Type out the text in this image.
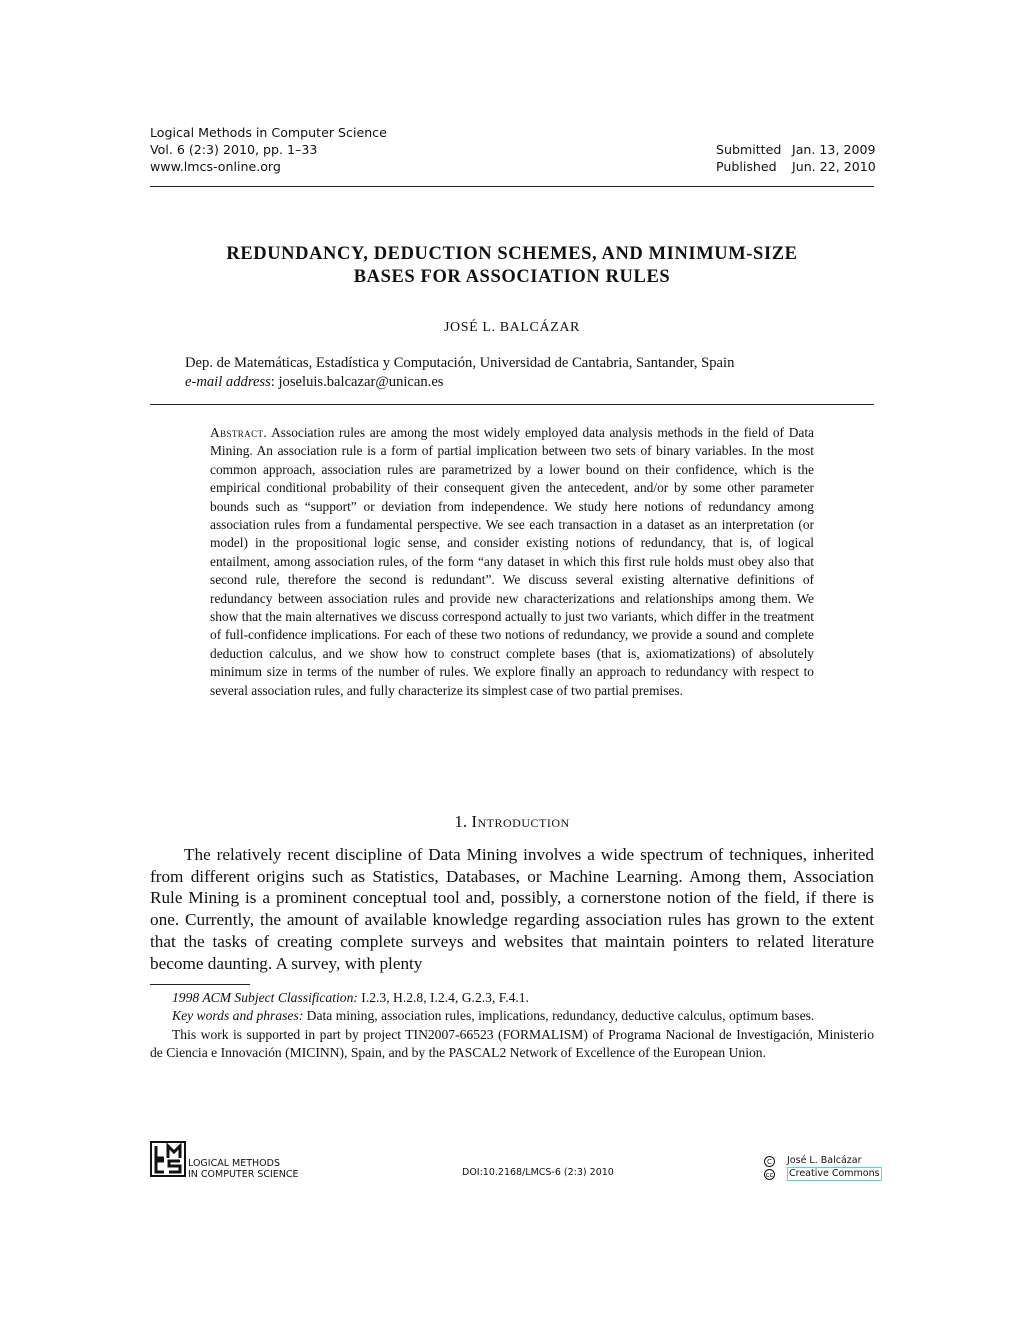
Logical Methods in Computer Science
Vol. 6 (2:3) 2010, pp. 1–33
www.lmcs-online.org
Submitted Jan. 13, 2009
Published	Jun. 22, 2010
REDUNDANCY, DEDUCTION SCHEMES, AND MINIMUM-SIZE
BASES FOR ASSOCIATION RULES
JOSÉ L. BALCÁZAR
Dep. de Matemáticas, Estadística y Computación, Universidad de Cantabria, Santander, Spain
e-mail address: joseluis.balcazar@unican.es
Abstract. Association rules are among the most widely employed data analysis methods in the field of Data Mining. An association rule is a form of partial implication between two sets of binary variables. In the most common approach, association rules are parametrized by a lower bound on their confidence, which is the empirical conditional probability of their consequent given the antecedent, and/or by some other parameter bounds such as “support” or deviation from independence. We study here notions of redundancy among association rules from a fundamental perspective. We see each transaction in a dataset as an interpretation (or model) in the propositional logic sense, and consider existing notions of redundancy, that is, of logical entailment, among association rules, of the form “any dataset in which this first rule holds must obey also that second rule, therefore the second is redundant”. We discuss several existing alternative definitions of redundancy between association rules and provide new characterizations and relationships among them. We show that the main alternatives we discuss correspond actually to just two variants, which differ in the treatment of full-confidence implications. For each of these two notions of redundancy, we provide a sound and complete deduction calculus, and we show how to construct complete bases (that is, axiomatizations) of absolutely minimum size in terms of the number of rules. We explore finally an approach to redundancy with respect to several association rules, and fully characterize its simplest case of two partial premises.
1. Introduction
The relatively recent discipline of Data Mining involves a wide spectrum of techniques, inherited from different origins such as Statistics, Databases, or Machine Learning. Among them, Association Rule Mining is a prominent conceptual tool and, possibly, a cornerstone notion of the field, if there is one. Currently, the amount of available knowledge regarding association rules has grown to the extent that the tasks of creating complete surveys and websites that maintain pointers to related literature become daunting. A survey, with plenty

1998 ACM Subject Classification: I.2.3, H.2.8, I.2.4, G.2.3, F.4.1.

Key words and phrases: Data mining, association rules, implications, redundancy, deductive calculus, optimum bases.

This work is supported in part by project TIN2007-66523 (FORMALISM) of Programa Nacional de Investigación, Ministerio de Ciencia e Innovación (MICINN), Spain, and by the PASCAL2 Network of Excellence of the European Union.

LOGICAL METHODS
IN COMPUTER SCIENCE	DOI:10.2168/LMCS-6 (2:3) 2010
C	José L. Balcázar
cc Creative Commons
